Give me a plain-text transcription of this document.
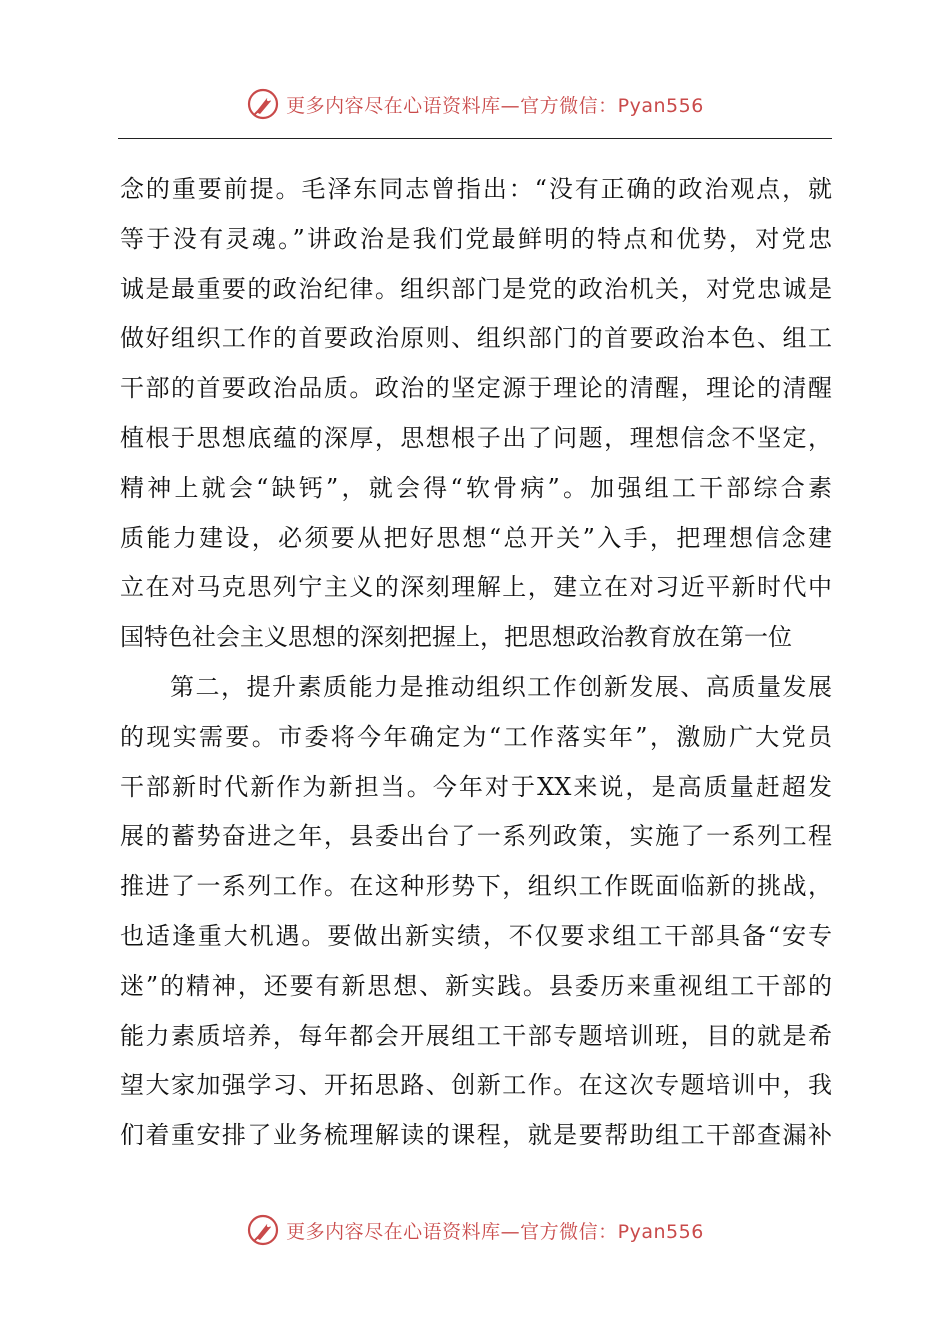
更多内容尽在心语资料库—官方微信：Pyan556
念的重要前提。毛泽东同志曾指出：“没有正确的政治观点，就
等于没有灵魂。”讲政治是我们党最鲜明的特点和优势，对党忠
诚是最重要的政治纪律。组织部门是党的政治机关，对党忠诚是
做好组织工作的首要政治原则、组织部门的首要政治本色、组工
干部的首要政治品质。政治的坚定源于理论的清醒，理论的清醒
植根于思想底蕴的深厚，思想根子出了问题，理想信念不坚定，
精神上就会“缺钙”，就会得“软骨病”。加强组工干部综合素
质能力建设，必须要从把好思想“总开关”入手，把理想信念建
立在对马克思列宁主义的深刻理解上，建立在对习近平新时代中
国特色社会主义思想的深刻把握上，把思想政治教育放在第一位
第二，提升素质能力是推动组织工作创新发展、高质量发展
的现实需要。市委将今年确定为“工作落实年”，激励广大党员
干部新时代新作为新担当。今年对于XX来说，是高质量赶超发
展的蓄势奋进之年，县委出台了一系列政策，实施了一系列工程
推进了一系列工作。在这种形势下，组织工作既面临新的挑战，
也适逢重大机遇。要做出新实绩，不仅要求组工干部具备“安专
迷”的精神，还要有新思想、新实践。县委历来重视组工干部的
能力素质培养，每年都会开展组工干部专题培训班，目的就是希
望大家加强学习、开拓思路、创新工作。在这次专题培训中，我
们着重安排了业务梳理解读的课程，就是要帮助组工干部查漏补
更多内容尽在心语资料库—官方微信：Pyan556
